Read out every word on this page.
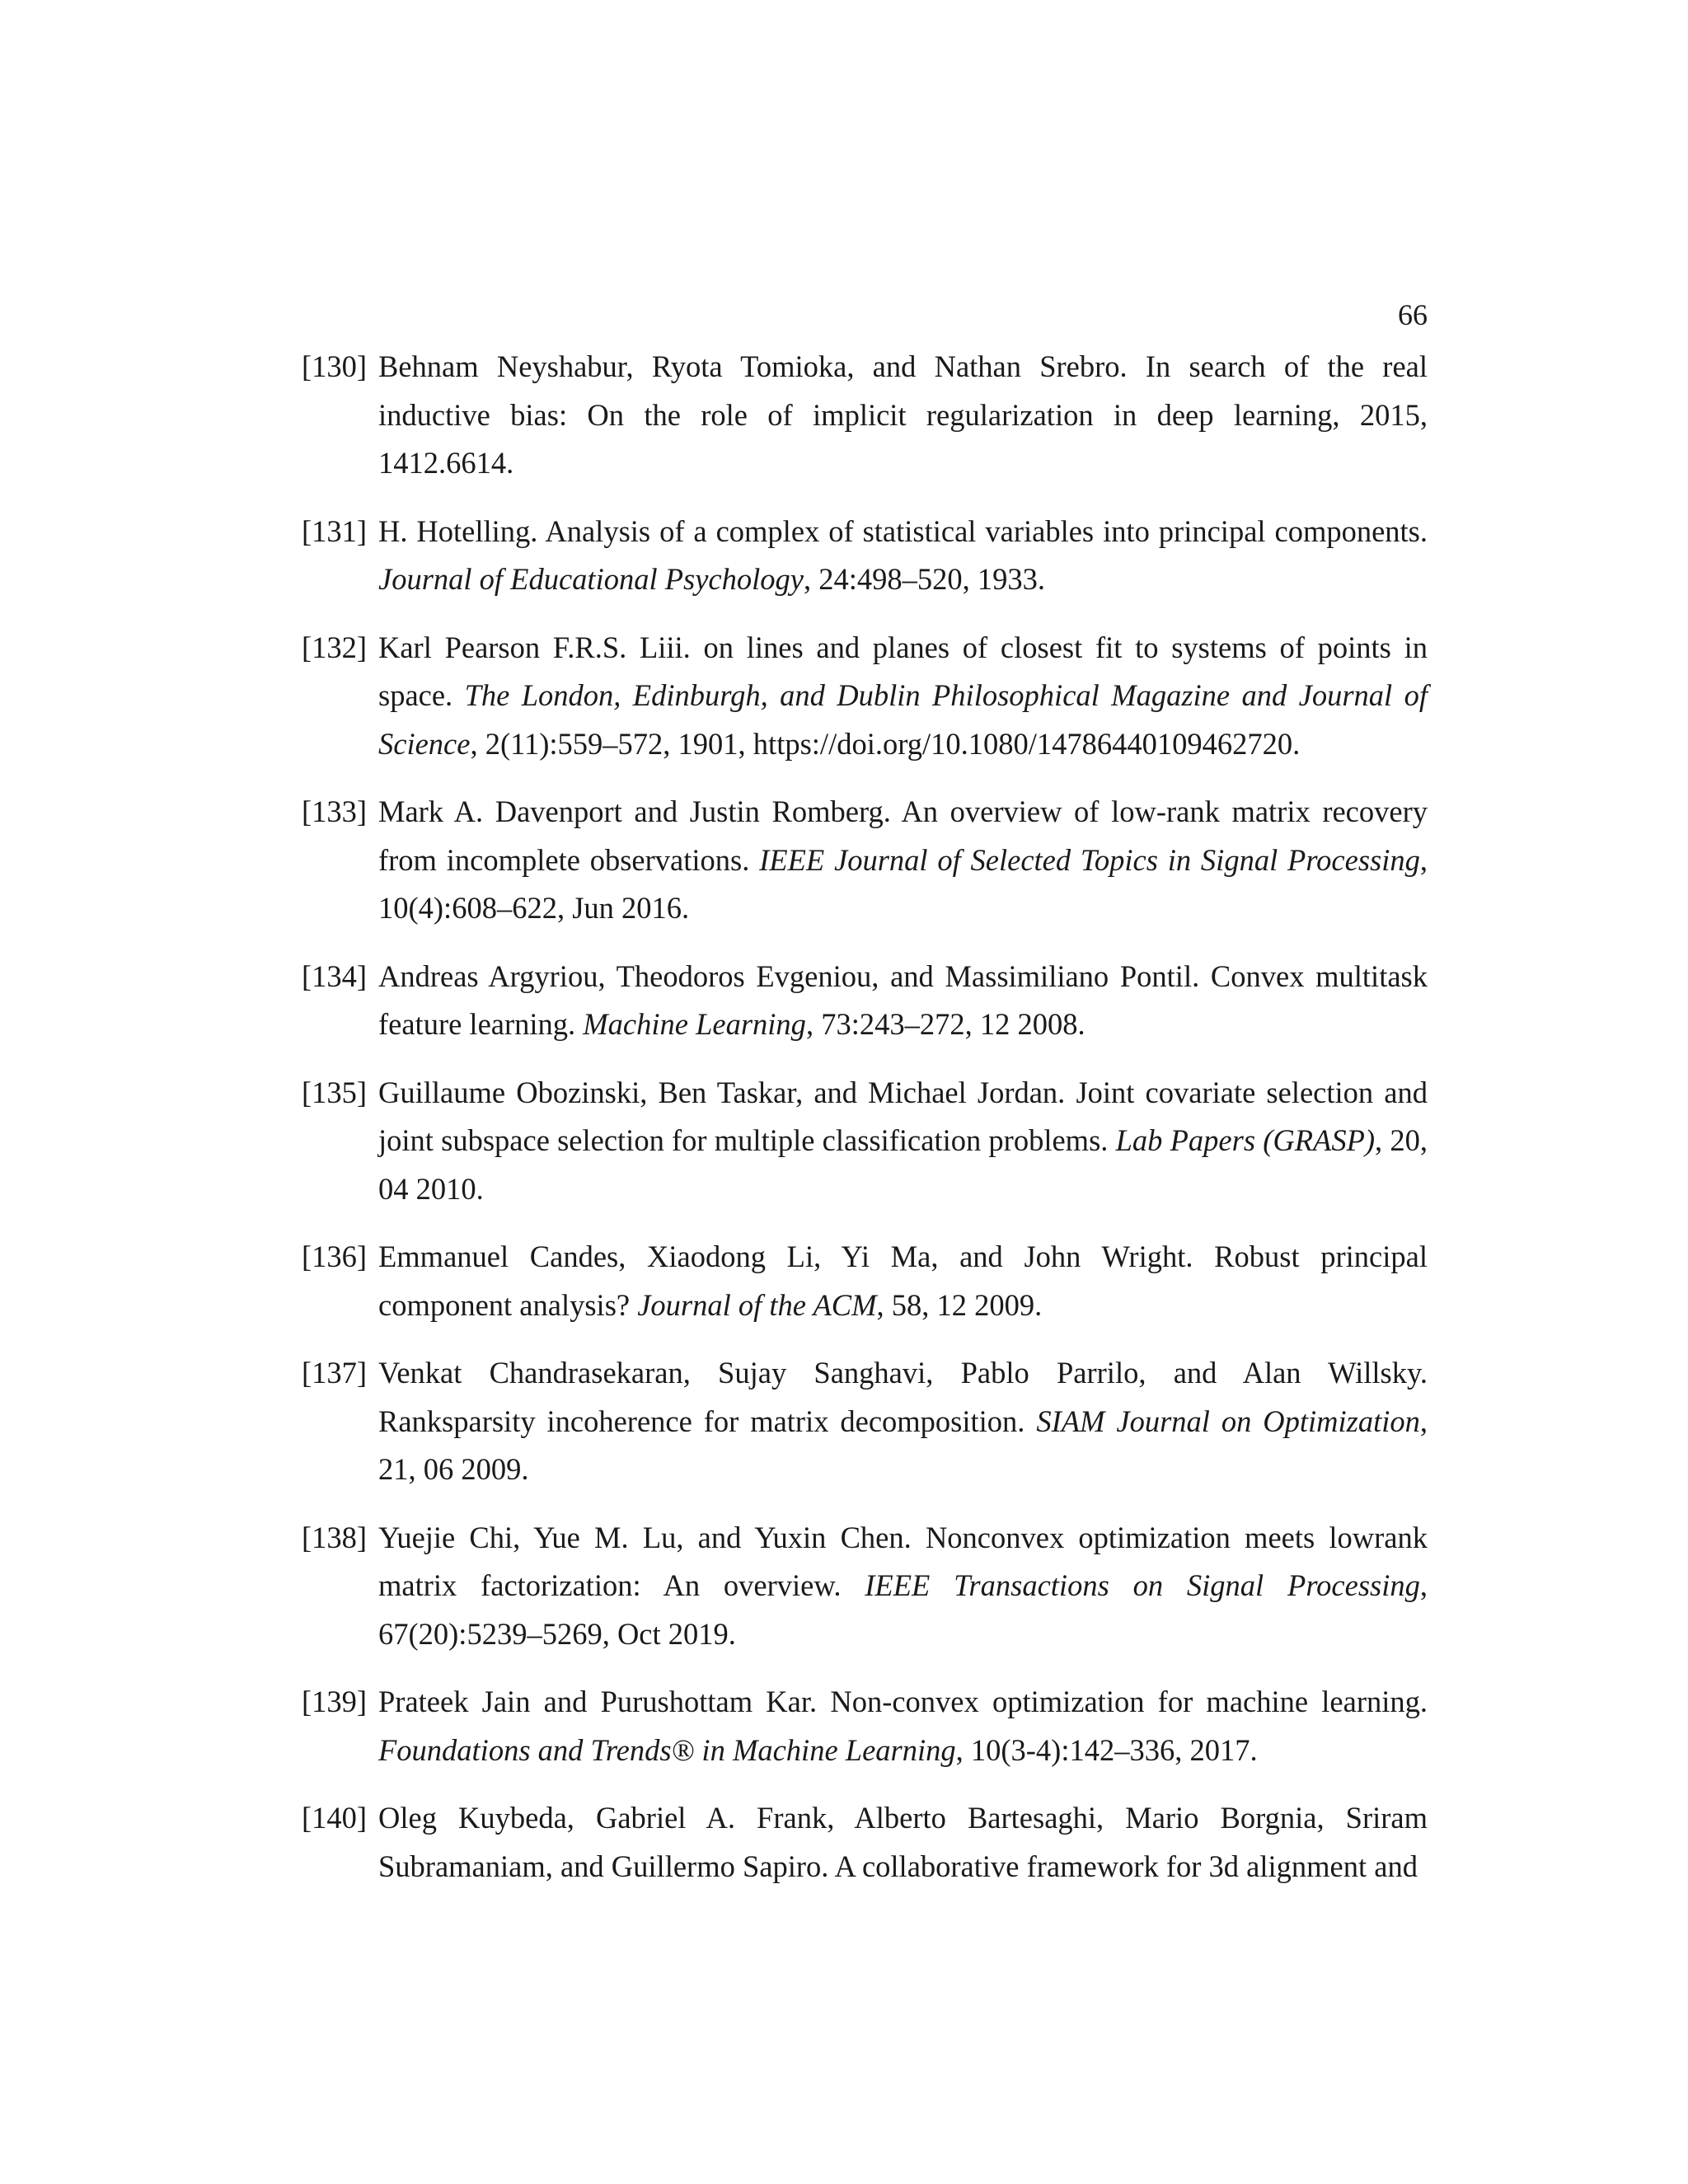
66
[130] Behnam Neyshabur, Ryota Tomioka, and Nathan Srebro. In search of the real inductive bias: On the role of implicit regularization in deep learning, 2015, 1412.6614.
[131] H. Hotelling. Analysis of a complex of statistical variables into principal components. Journal of Educational Psychology, 24:498–520, 1933.
[132] Karl Pearson F.R.S. Liii. on lines and planes of closest fit to systems of points in space. The London, Edinburgh, and Dublin Philosophical Magazine and Journal of Science, 2(11):559–572, 1901, https://doi.org/10.1080/14786440109462720.
[133] Mark A. Davenport and Justin Romberg. An overview of low-rank matrix recovery from incomplete observations. IEEE Journal of Selected Topics in Signal Processing, 10(4):608–622, Jun 2016.
[134] Andreas Argyriou, Theodoros Evgeniou, and Massimiliano Pontil. Convex multitask feature learning. Machine Learning, 73:243–272, 12 2008.
[135] Guillaume Obozinski, Ben Taskar, and Michael Jordan. Joint covariate selection and joint subspace selection for multiple classification problems. Lab Papers (GRASP), 20, 04 2010.
[136] Emmanuel Candes, Xiaodong Li, Yi Ma, and John Wright. Robust principal component analysis? Journal of the ACM, 58, 12 2009.
[137] Venkat Chandrasekaran, Sujay Sanghavi, Pablo Parrilo, and Alan Willsky. Ranksparsity incoherence for matrix decomposition. SIAM Journal on Optimization, 21, 06 2009.
[138] Yuejie Chi, Yue M. Lu, and Yuxin Chen. Nonconvex optimization meets lowrank matrix factorization: An overview. IEEE Transactions on Signal Processing, 67(20):5239–5269, Oct 2019.
[139] Prateek Jain and Purushottam Kar. Non-convex optimization for machine learning. Foundations and Trends® in Machine Learning, 10(3-4):142–336, 2017.
[140] Oleg Kuybeda, Gabriel A. Frank, Alberto Bartesaghi, Mario Borgnia, Sriram Subramaniam, and Guillermo Sapiro. A collaborative framework for 3d alignment and
